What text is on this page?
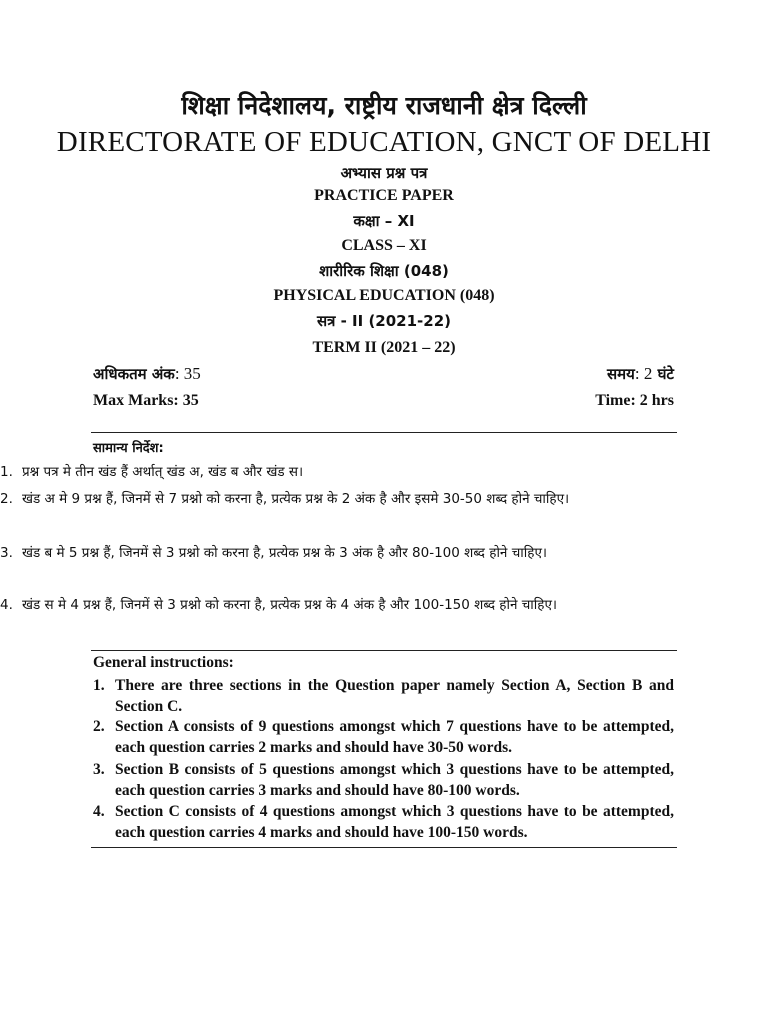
शिक्षा निदेशालय, राष्ट्रीय राजधानी क्षेत्र दिल्ली
DIRECTORATE OF EDUCATION, GNCT OF DELHI
अभ्यास प्रश्न पत्र
PRACTICE PAPER
कक्षा – XI
CLASS – XI
शारीरिक शिक्षा (048)
PHYSICAL EDUCATION (048)
सत्र - II (2021-22)
TERM II (2021 – 22)
अधिकतम अंक: 35	समय: 2 घंटे
Max Marks: 35	Time: 2 hrs
सामान्य निर्देश:
1. प्रश्न पत्र मे तीन खंड हैं अर्थात् खंड अ, खंड ब और खंड स।
2. खंड अ मे 9 प्रश्न हैं, जिनमें से 7 प्रश्नो को करना है, प्रत्येक प्रश्न के 2 अंक है और इसमे 30-50 शब्द होने चाहिए।
3. खंड ब मे 5 प्रश्न हैं, जिनमें से 3 प्रश्नो को करना है, प्रत्येक प्रश्न के 3 अंक है और 80-100 शब्द होने चाहिए।
4. खंड स मे 4 प्रश्न हैं, जिनमें से 3 प्रश्नो को करना है, प्रत्येक प्रश्न के 4 अंक है और 100-150 शब्द होने चाहिए।
General instructions:
1. There are three sections in the Question paper namely Section A, Section B and Section C.
2. Section A consists of 9 questions amongst which 7 questions have to be attempted, each question carries 2 marks and should have 30-50 words.
3. Section B consists of 5 questions amongst which 3 questions have to be attempted, each question carries 3 marks and should have 80-100 words.
4. Section C consists of 4 questions amongst which 3 questions have to be attempted, each question carries 4 marks and should have 100-150 words.
